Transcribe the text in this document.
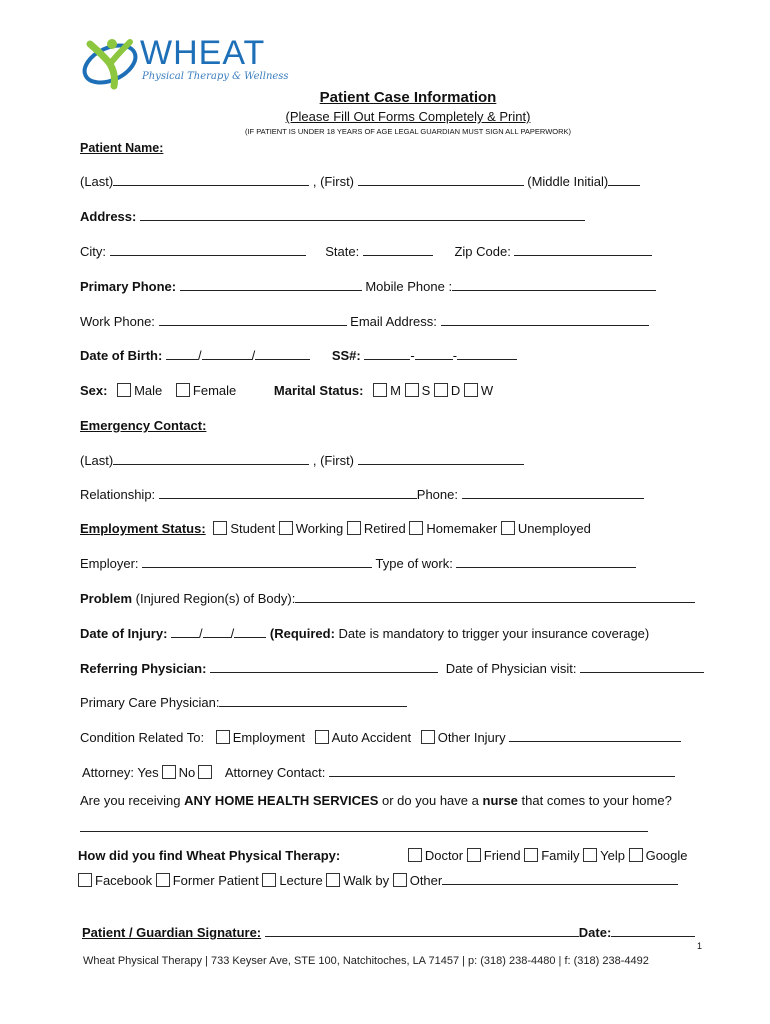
WHEAT
Physical Therapy & Wellness
Patient Case Information
(Please Fill Out Forms Completely & Print)
(IF PATIENT IS UNDER 18 YEARS OF AGE LEGAL GUARDIAN MUST SIGN ALL PAPERWORK)
Patient Name:
(Last)	, (First)	(Middle Initial)
Address:
City:	State:	Zip Code:
Primary Phone:	Mobile Phone :
Work Phone:	Email Address:
Date of Birth:	/	/	SS#:	-	-
Sex: Male Female	Marital Status: M S D W
Emergency Contact:
(Last)	, (First)
Relationship:	Phone:
Employment Status: Student Working Retired Homemaker Unemployed
Employer:	Type of work:
Problem (Injured Region(s) of Body):
Date of Injury: / /	(Required: Date is mandatory to trigger your insurance coverage)
Referring Physician:	Date of Physician visit:
Primary Care Physician:
Condition Related To: Employment Auto Accident Other Injury
Attorney: Yes No Attorney Contact:
Are you receiving ANY HOME HEALTH SERVICES or do you have a nurse that comes to your home?
How did you find Wheat Physical Therapy:	Doctor Friend Family Yelp Google
Facebook Former Patient Lecture Walk by Other
Patient / Guardian Signature:	Date:
1
Wheat Physical Therapy | 733 Keyser Ave, STE 100, Natchitoches, LA 71457 | p: (318) 238-4480 | f: (318) 238-4492
